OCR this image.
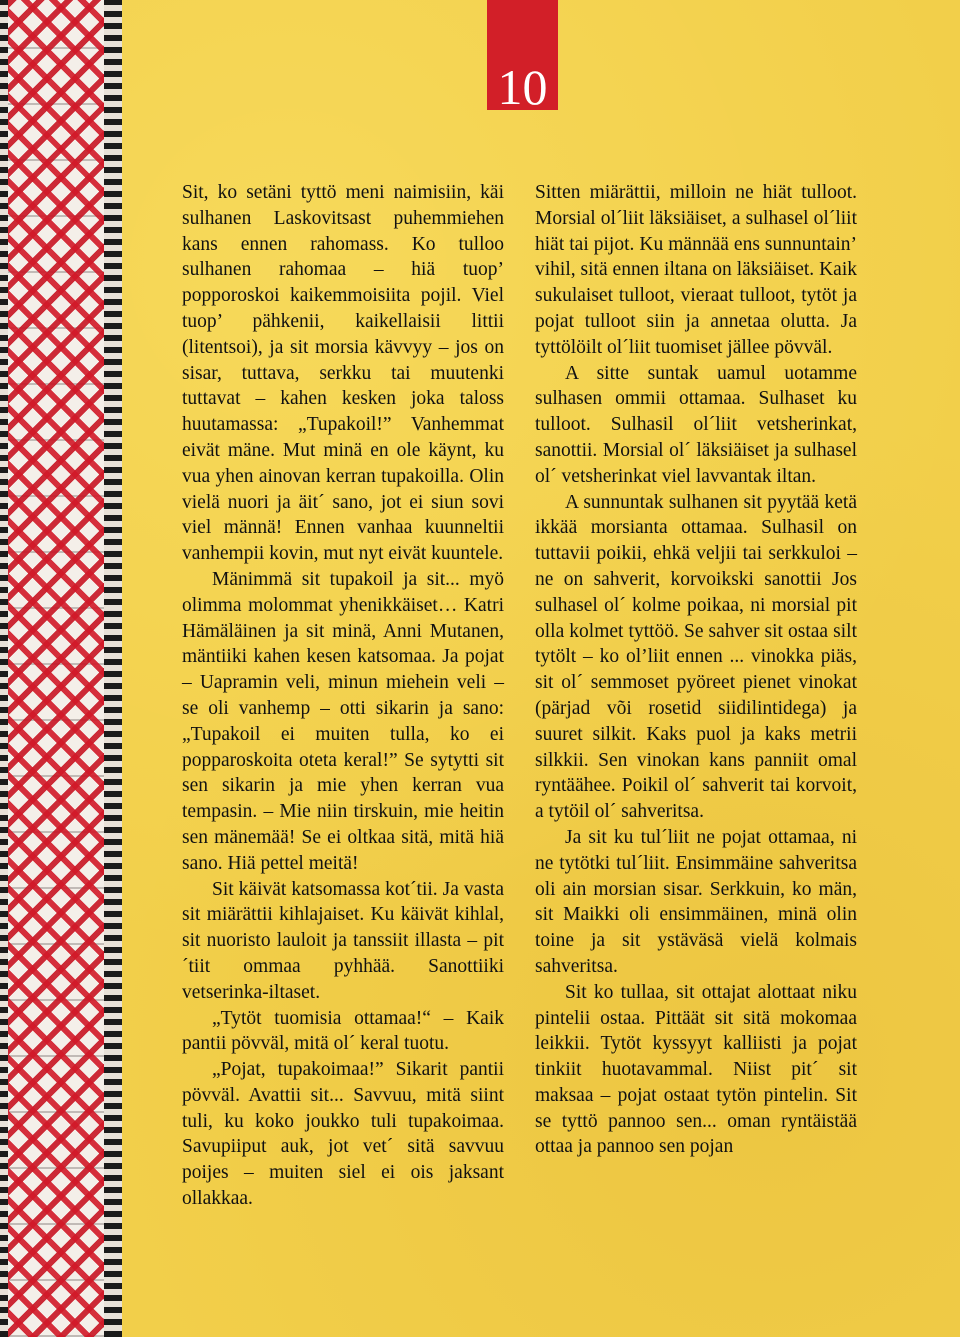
10

Sit, ko setäni tyttö meni naimisiin, käi sulhanen Laskovitsast puhemmiehen kans ennen rahomass. Ko tulloo sulhanen rahomaa – hiä tuop’ popporoskoi kaikemmoisiita pojil. Viel tuop’ pähkenii, kaikellaisii littii (litentsoi), ja sit morsia kävvyy – jos on sisar, tuttava, serkku tai muutenki tuttavat – kahen kesken joka taloss huutamassa: „Tupakoil!” Vanhemmat eivät mäne. Mut minä en ole käynt, ku vua yhen ainovan kerran tupakoilla. Olin vielä nuori ja äit´ sano, jot ei siun sovi viel männä! Ennen vanhaa kuunneltii vanhempii kovin, mut nyt eivät kuuntele.

Mänimmä sit tupakoil ja sit... myö olimma molommat yhenikkäiset… Katri Hämäläinen ja sit minä, Anni Mutanen, mäntiiki kahen kesen katsomaa. Ja pojat – Uapramin veli, minun miehein veli – se oli vanhemp – otti sikarin ja sano: „Tupakoil ei muiten tulla, ko ei popparoskoita oteta keral!” Se sytytti sit sen sikarin ja mie yhen kerran vua tempasin. – Mie niin tirskuin, mie heitin sen mänemää! Se ei oltkaa sitä, mitä hiä sano. Hiä pettel meitä!

Sit käivät katsomassa kot´tii. Ja vasta sit miärättii kihlajaiset. Ku käivät kihlal, sit nuoristo lauloit ja tanssiit illasta – pit´tiit ommaa pyhhää. Sanottiiki vetserinka-iltaset.

„Tytöt tuomisia ottamaa!“ – Kaik pantii pövväl, mitä ol´ keral tuotu.

„Pojat, tupakoimaa!” Sikarit pantii pövväl. Avattii sit... Savvuu, mitä siint tuli, ku koko joukko tuli tupakoimaa. Savupiiput auk, jot vet´ sitä savvuu poijes – muiten siel ei ois jaksant ollakkaa.

Sitten miärättii, milloin ne hiät tulloot. Morsial ol´liit läksiäiset, a sulhasel ol´liit hiät tai pijot. Ku männää ens sunnuntain’ vihil, sitä ennen iltana on läksiäiset. Kaik sukulaiset tulloot, vieraat tulloot, tytöt ja pojat tulloot siin ja annetaa olutta. Ja tyttölöilt ol´liit tuomiset jällee pövväl.

A sitte suntak uamul uotamme sulhasen ommii ottamaa. Sulhaset ku tulloot. Sulhasil ol´liit vetsherinkat, sanottii. Morsial ol´ läksiäiset ja sulhasel ol´ vetsherinkat viel lavvantak iltan.

A sunnuntak sulhanen sit pyytää ketä ikkää morsianta ottamaa. Sulhasil on tuttavii poikii, ehkä veljii tai serkkuloi – ne on sahverit, korvoikski sanottii Jos sulhasel ol´ kolme poikaa, ni morsial pit olla kolmet tyttöö. Se sahver sit ostaa silt tytölt – ko ol’liit ennen ... vinokka piäs, sit ol´ semmoset pyöreet pienet vinokat (pärjad või rosetid siidilintidega) ja suuret silkit. Kaks puol ja kaks metrii silkkii. Sen vinokan kans panniit omal ryntäähee. Poikil ol´ sahverit tai korvoit, a tytöil ol´ sahveritsa.

Ja sit ku tul´liit ne pojat ottamaa, ni ne tytötki tul´liit. Ensimmäine sahveritsa oli ain morsian sisar. Serkkuin, ko män, sit Maikki oli ensimmäinen, minä olin toine ja sit ystäväsä vielä kolmais sahveritsa.

Sit ko tullaa, sit ottajat alottaat niku pintelii ostaa. Pittäät sit sitä mokomaa leikkii. Tytöt kyssyyt kalliisti ja pojat tinkiit huotavammal. Niist pit´ sit maksaa – pojat ostaat tytön pintelin. Sit se tyttö pannoo sen... oman ryntäistää ottaa ja pannoo sen pojan
